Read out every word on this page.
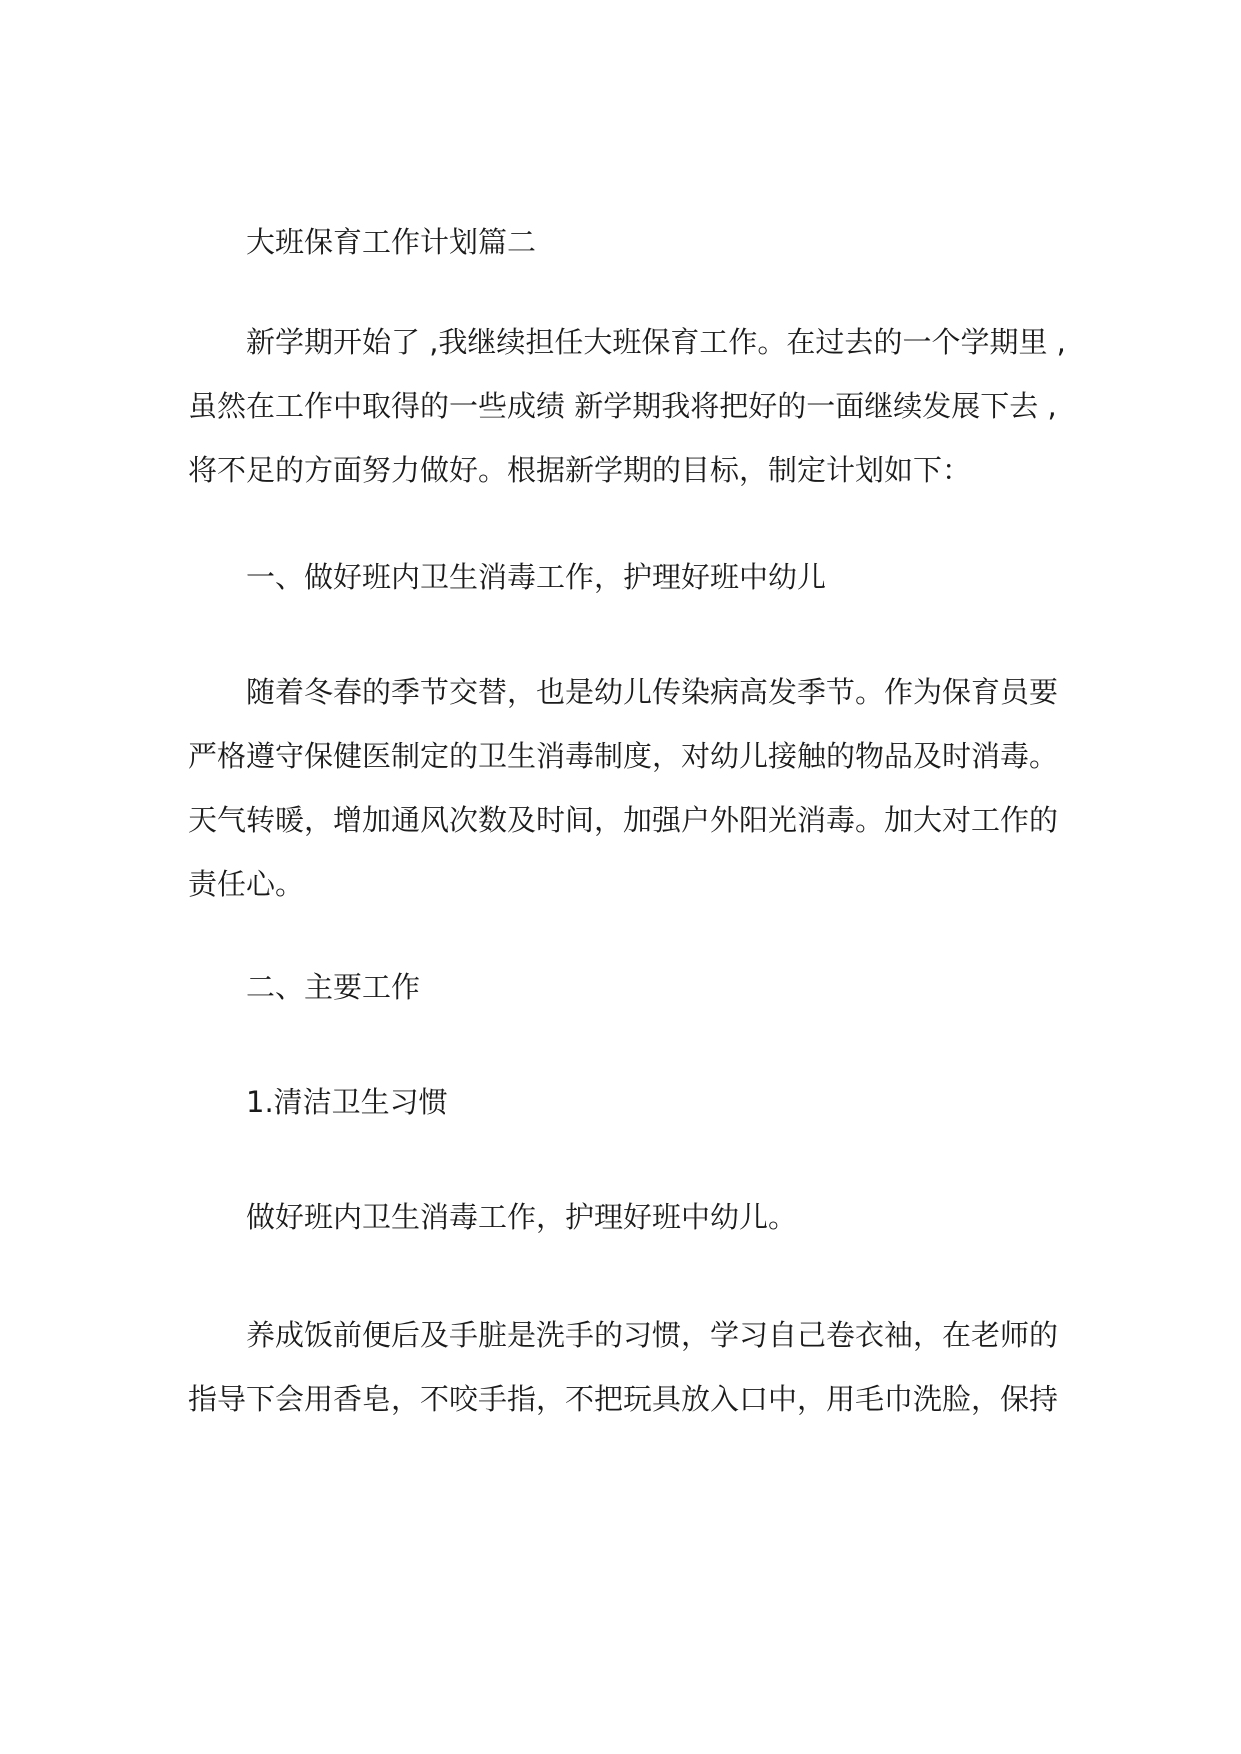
大班保育工作计划篇二

新学期开始了 ,我继续担任大班保育工作。在过去的一个学期里 ,
虽然在工作中取得的一些成绩 新学期我将把好的一面继续发展下去 ,
将不足的方面努力做好。根据新学期的目标，制定计划如下：

一、做好班内卫生消毒工作，护理好班中幼儿

随着冬春的季节交替，也是幼儿传染病高发季节。作为保育员要
严格遵守保健医制定的卫生消毒制度，对幼儿接触的物品及时消毒。
天气转暖，增加通风次数及时间，加强户外阳光消毒。加大对工作的
责任心。

二、主要工作

1.清洁卫生习惯

做好班内卫生消毒工作，护理好班中幼儿。

养成饭前便后及手脏是洗手的习惯，学习自己卷衣袖，在老师的
指导下会用香皂，不咬手指，不把玩具放入口中，用毛巾洗脸，保持
